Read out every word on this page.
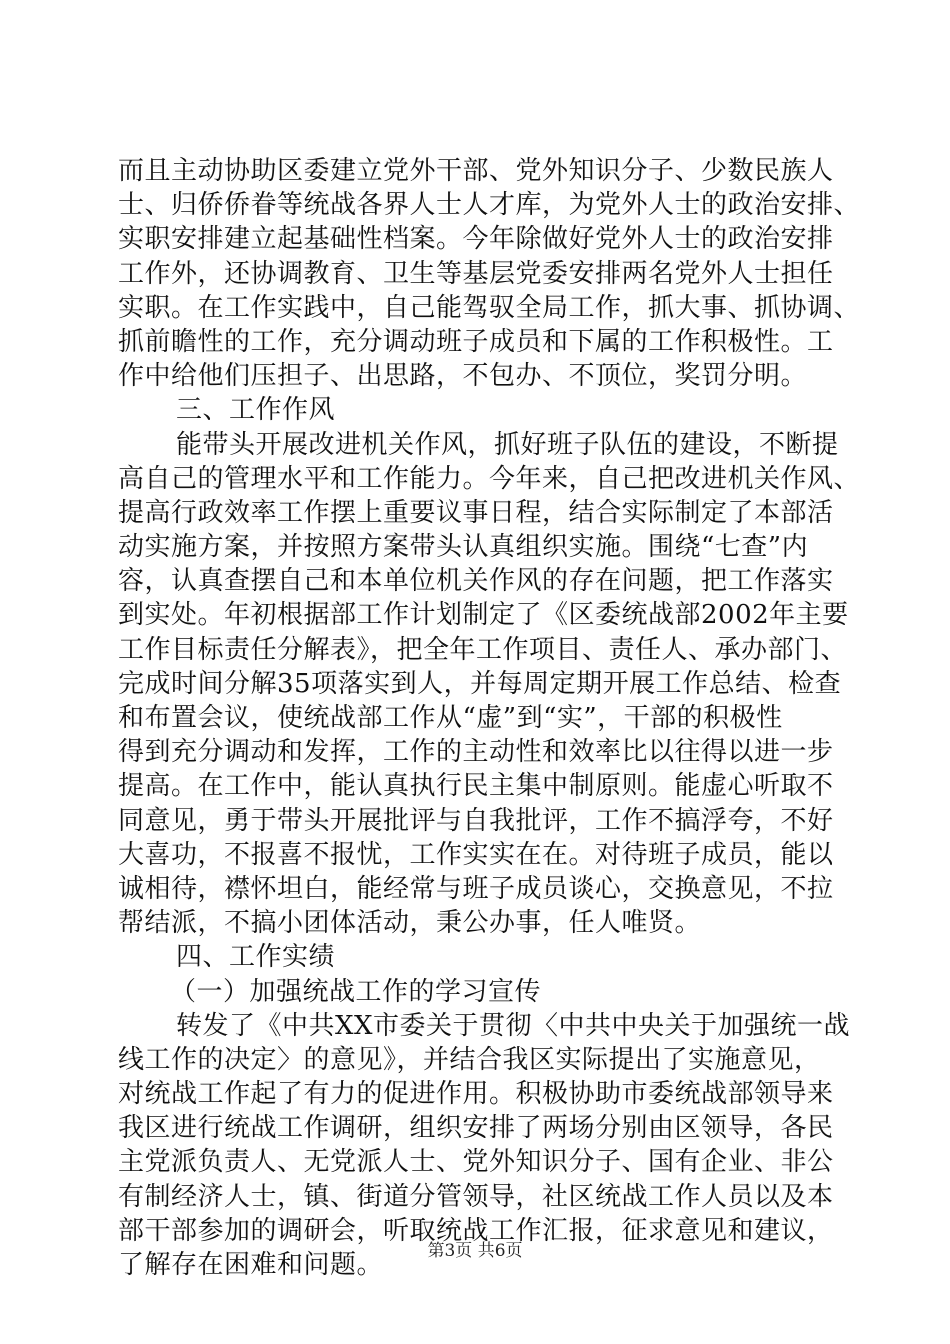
而且主动协助区委建立党外干部、党外知识分子、少数民族人
士、归侨侨眷等统战各界人士人才库，为党外人士的政治安排、
实职安排建立起基础性档案。今年除做好党外人士的政治安排
工作外，还协调教育、卫生等基层党委安排两名党外人士担任
实职。在工作实践中，自己能驾驭全局工作，抓大事、抓协调、
抓前瞻性的工作，充分调动班子成员和下属的工作积极性。工
作中给他们压担子、出思路，不包办、不顶位，奖罚分明。
三、工作作风
能带头开展改进机关作风，抓好班子队伍的建设，不断提
高自己的管理水平和工作能力。今年来，自己把改进机关作风、
提高行政效率工作摆上重要议事日程，结合实际制定了本部活
动实施方案，并按照方案带头认真组织实施。围绕“七查”内
容，认真查摆自己和本单位机关作风的存在问题，把工作落实
到实处。年初根据部工作计划制定了《区委统战部2002年主要
工作目标责任分解表》，把全年工作项目、责任人、承办部门、
完成时间分解35项落实到人，并每周定期开展工作总结、检查
和布置会议，使统战部工作从“虚”到“实”，干部的积极性
得到充分调动和发挥，工作的主动性和效率比以往得以进一步
提高。在工作中，能认真执行民主集中制原则。能虚心听取不
同意见，勇于带头开展批评与自我批评，工作不搞浮夸，不好
大喜功，不报喜不报忧，工作实实在在。对待班子成员，能以
诚相待，襟怀坦白，能经常与班子成员谈心，交换意见，不拉
帮结派，不搞小团体活动，秉公办事，任人唯贤。
四、工作实绩
（一）加强统战工作的学习宣传
转发了《中共XX市委关于贯彻〈中共中央关于加强统一战
线工作的决定〉的意见》，并结合我区实际提出了实施意见，
对统战工作起了有力的促进作用。积极协助市委统战部领导来
我区进行统战工作调研，组织安排了两场分别由区领导，各民
主党派负责人、无党派人士、党外知识分子、国有企业、非公
有制经济人士，镇、街道分管领导，社区统战工作人员以及本
部干部参加的调研会，听取统战工作汇报，征求意见和建议，
了解存在困难和问题。	第3页 共6页
